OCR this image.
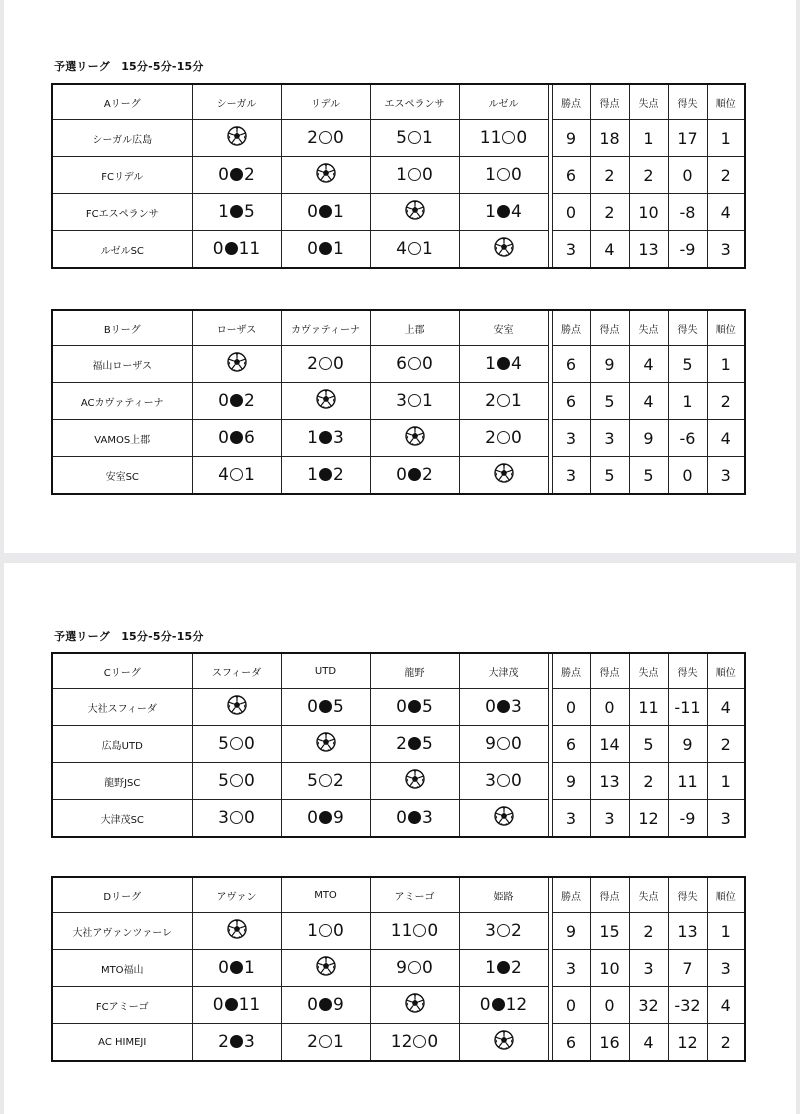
予選リーグ　15分-5分-15分
Aリーグ	シーガル	リデル	エスペランサ	ルゼル		勝点	得点	失点	得失	順位
シーガル広島		2 0	5 1	11 0		9	18	1	17	1
FCリデル	0 2		1 0	1 0		6	2	2	0	2
FCエスペランサ	1 5	0 1		1 4		0	2	10	-8	4
ルゼルSC	0 11	0 1	4 1			3	4	13	-9	3
Bリーグ	ローザス	カヴァティーナ	上郡	安室		勝点	得点	失点	得失	順位
福山ローザス		2 0	6 0	1 4		6	9	4	5	1
ACカヴァティーナ	0 2		3 1	2 1		6	5	4	1	2
VAMOS上郡	0 6	1 3		2 0		3	3	9	-6	4
安室SC	4 1	1 2	0 2			3	5	5	0	3
予選リーグ　15分-5分-15分
Cリーグ	スフィーダ	UTD	龍野	大津茂		勝点	得点	失点	得失	順位
大社スフィーダ		0 5	0 5	0 3		0	0	11	-11	4
広島UTD	5 0		2 5	9 0		6	14	5	9	2
龍野JSC	5 0	5 2		3 0		9	13	2	11	1
大津茂SC	3 0	0 9	0 3			3	3	12	-9	3
Dリーグ	アヴァン	MTO	アミーゴ	姫路		勝点	得点	失点	得失	順位
大社アヴァンツァーレ		1 0	11 0	3 2		9	15	2	13	1
MTO福山	0 1		9 0	1 2		3	10	3	7	3
FCアミーゴ	0 11	0 9		0 12		0	0	32	-32	4
AC HIMEJI	2 3	2 1	12 0			6	16	4	12	2
